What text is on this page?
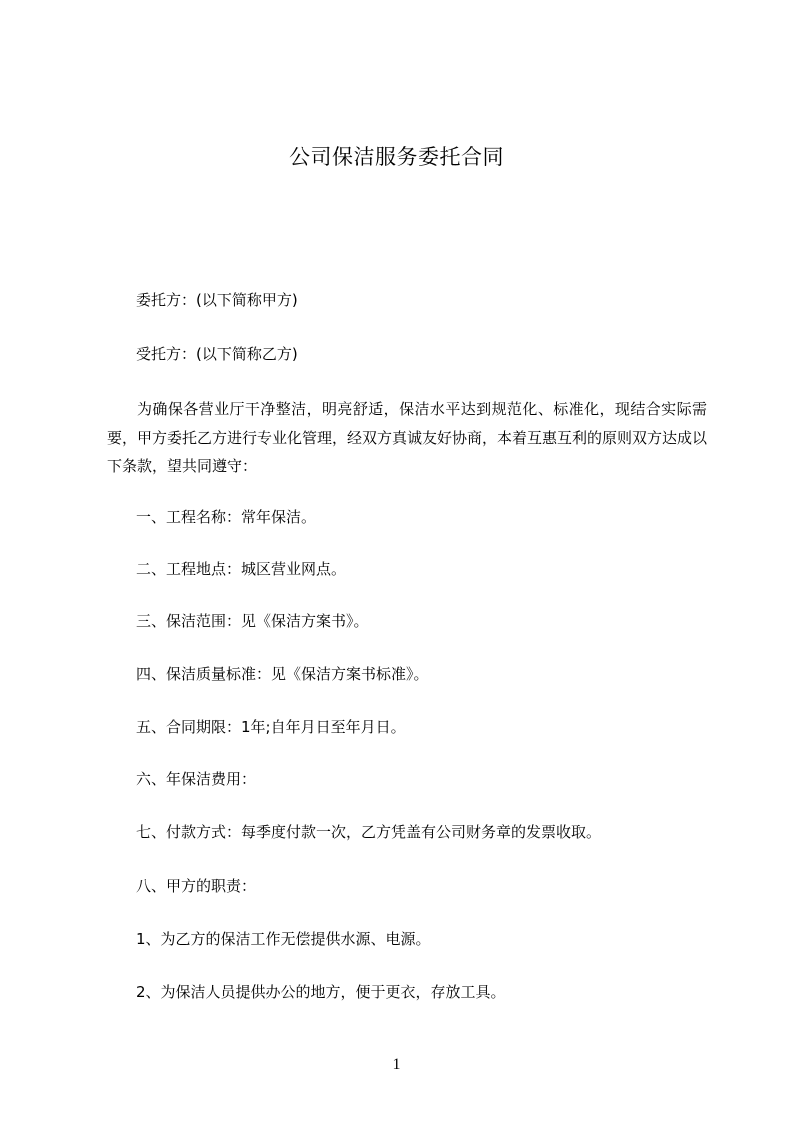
公司保洁服务委托合同
委托方：(以下简称甲方)
受托方：(以下简称乙方)
为确保各营业厅干净整洁，明亮舒适，保洁水平达到规范化、标准化，现结合实际需要，甲方委托乙方进行专业化管理，经双方真诚友好协商，本着互惠互利的原则双方达成以下条款，望共同遵守：
一、工程名称：常年保洁。
二、工程地点：城区营业网点。
三、保洁范围：见《保洁方案书》。
四、保洁质量标准：见《保洁方案书标准》。
五、合同期限：1年;自年月日至年月日。
六、年保洁费用：
七、付款方式：每季度付款一次，乙方凭盖有公司财务章的发票收取。
八、甲方的职责：
1、为乙方的保洁工作无偿提供水源、电源。
2、为保洁人员提供办公的地方，便于更衣，存放工具。
1
